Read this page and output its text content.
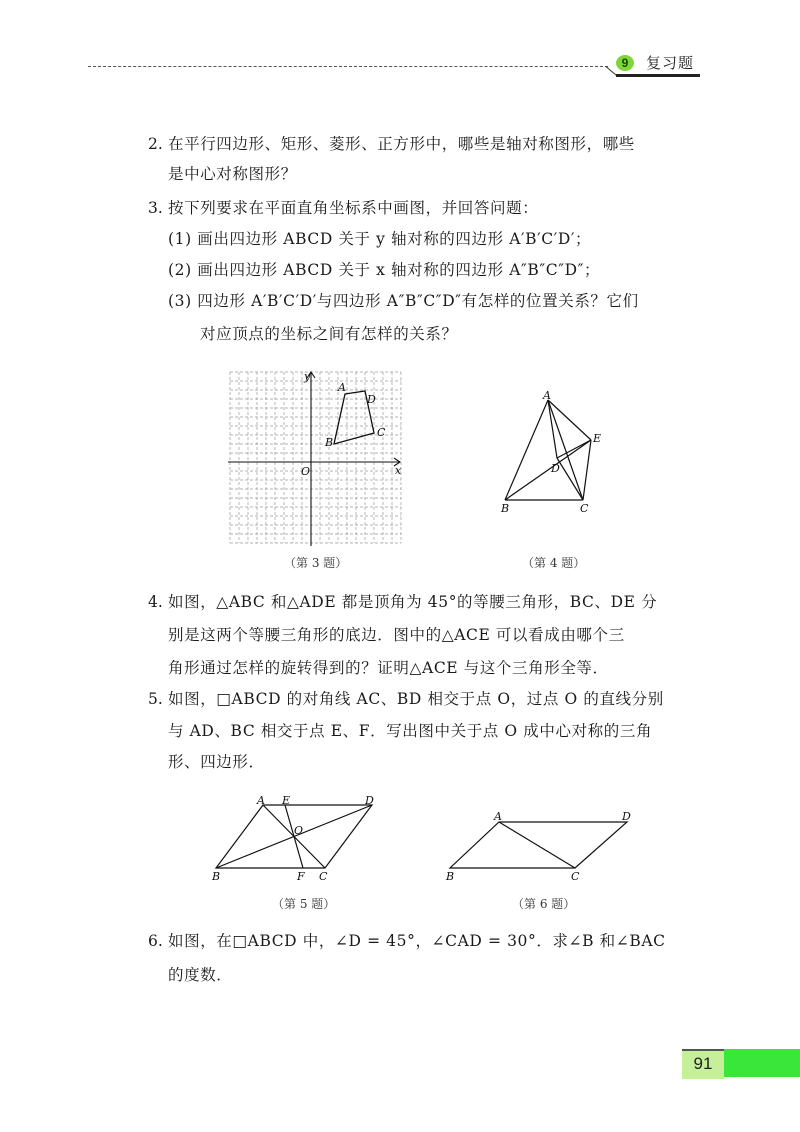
9	复习题
2. 在平行四边形、矩形、菱形、正方形中，哪些是轴对称图形，哪些
是中心对称图形？
3. 按下列要求在平面直角坐标系中画图，并回答问题：
(1) 画出四边形 ABCD 关于 y 轴对称的四边形 A′B′C′D′；
(2) 画出四边形 ABCD 关于 x 轴对称的四边形 A″B″C″D″；
(3) 四边形 A′B′C′D′与四边形 A″B″C″D″有怎样的位置关系？它们
对应顶点的坐标之间有怎样的关系？
x
y
O
A
D
C
B
（第 3 题）
A
E
D
B	C
（第 4 题）
4. 如图，△ABC 和△ADE 都是顶角为 45°的等腰三角形，BC、DE 分
别是这两个等腰三角形的底边．图中的△ACE 可以看成由哪个三
角形通过怎样的旋转得到的？证明△ACE 与这个三角形全等．
5. 如图，□ABCD 的对角线 AC、BD 相交于点 O，过点 O 的直线分别
与 AD、BC 相交于点 E、F．写出图中关于点 O 成中心对称的三角
形、四边形．
A E	D
O
B	F C
（第 5 题）
A	D
B	C
（第 6 题）
6. 如图，在□ABCD 中，∠D = 45°，∠CAD = 30°．求∠B 和∠BAC
的度数．
91
